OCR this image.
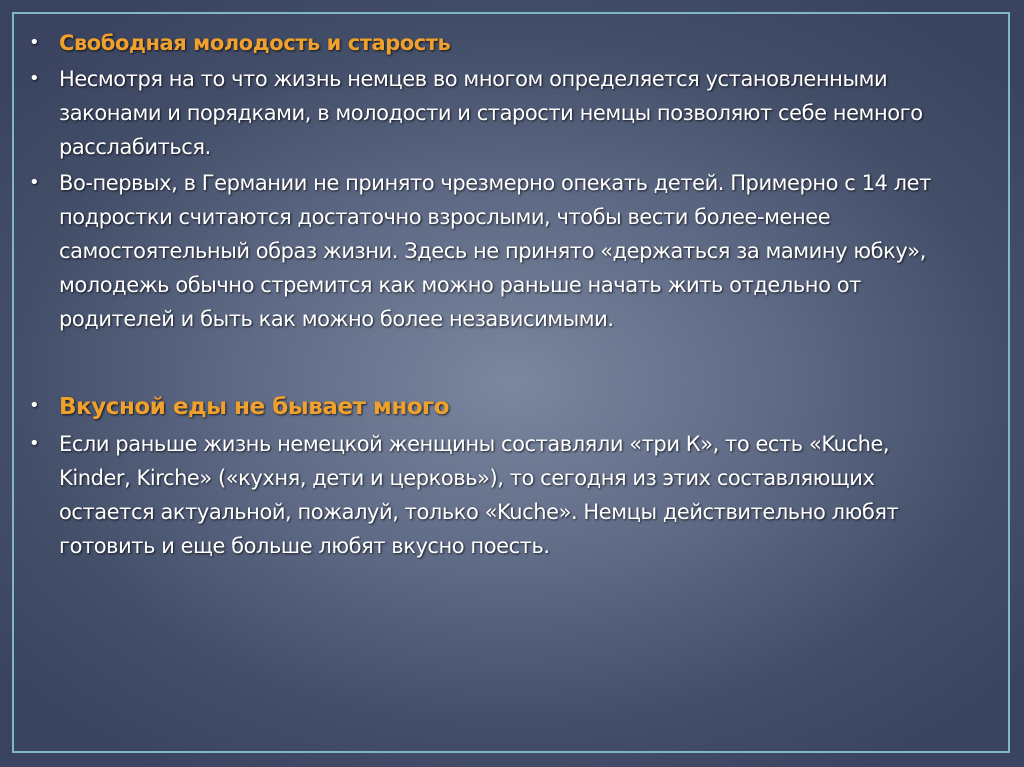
• Свободная молодость и старость
• Несмотря на то что жизнь немцев во многом определяется установленными законами и порядками, в молодости и старости немцы позволяют себе немного расслабиться.
• Во-первых, в Германии не принято чрезмерно опекать детей. Примерно с 14 лет подростки считаются достаточно взрослыми, чтобы вести более-менее самостоятельный образ жизни. Здесь не принято «держаться за мамину юбку», молодежь обычно стремится как можно раньше начать жить отдельно от родителей и быть как можно более независимыми.
• Вкусной еды не бывает много
• Если раньше жизнь немецкой женщины составляли «три К», то есть «Kuche, Kinder, Kirche» («кухня, дети и церковь»), то сегодня из этих составляющих остается актуальной, пожалуй, только «Kuche». Немцы действительно любят готовить и еще больше любят вкусно поесть.
